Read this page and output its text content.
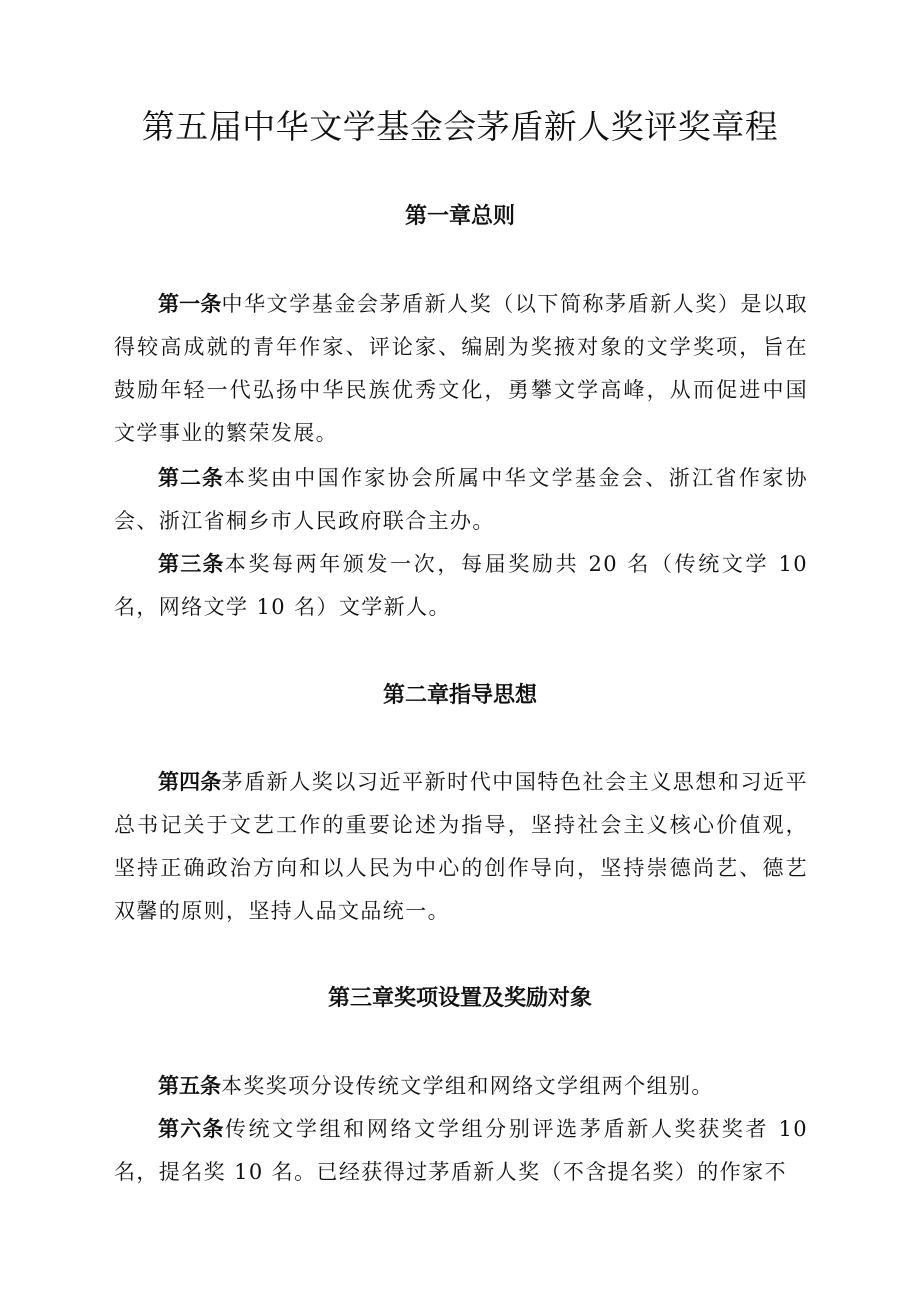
第五届中华文学基金会茅盾新人奖评奖章程
第一章总则

第一条中华文学基金会茅盾新人奖（以下简称茅盾新人奖）是以取得较高成就的青年作家、评论家、编剧为奖掖对象的文学奖项，旨在鼓励年轻一代弘扬中华民族优秀文化，勇攀文学高峰，从而促进中国文学事业的繁荣发展。

第二条本奖由中国作家协会所属中华文学基金会、浙江省作家协会、浙江省桐乡市人民政府联合主办。

第三条本奖每两年颁发一次，每届奖励共 20 名（传统文学 10 名，网络文学 10 名）文学新人。

第二章指导思想

第四条茅盾新人奖以习近平新时代中国特色社会主义思想和习近平总书记关于文艺工作的重要论述为指导，坚持社会主义核心价值观，坚持正确政治方向和以人民为中心的创作导向，坚持崇德尚艺、德艺双馨的原则，坚持人品文品统一。

第三章奖项设置及奖励对象

第五条本奖奖项分设传统文学组和网络文学组两个组别。

第六条传统文学组和网络文学组分别评选茅盾新人奖获奖者 10 名，提名奖 10 名。已经获得过茅盾新人奖（不含提名奖）的作家不
